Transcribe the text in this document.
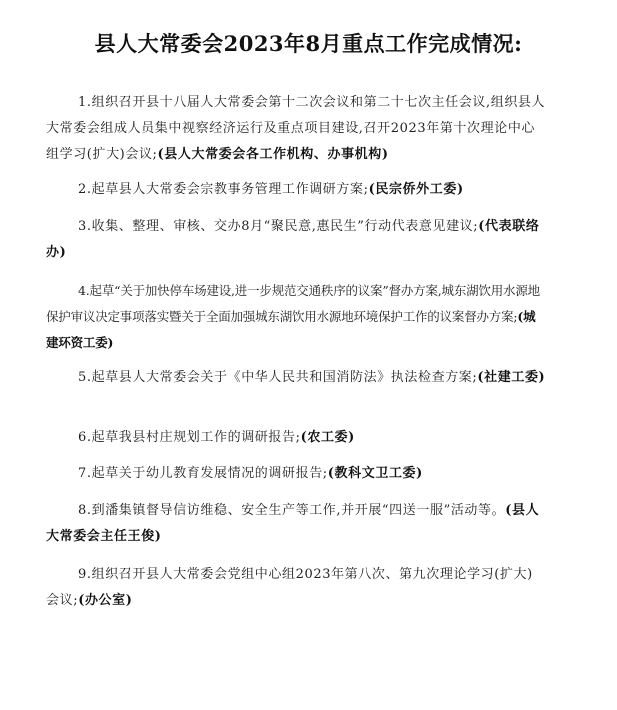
县人大常委会2023年8月重点工作完成情况:
1.组织召开县十八届人大常委会第十二次会议和第二十七次主任会议,组织县人大常委会组成人员集中视察经济运行及重点项目建设,召开2023年第十次理论中心组学习(扩大)会议;(县人大常委会各工作机构、办事机构)
2.起草县人大常委会宗教事务管理工作调研方案;(民宗侨外工委)
3.收集、整理、审核、交办8月“聚民意,惠民生”行动代表意见建议;(代表联络办)
4.起草“关于加快停车场建设,进一步规范交通秩序的议案”督办方案,城东湖饮用水源地保护审议决定事项落实暨关于全面加强城东湖饮用水源地环境保护工作的议案督办方案;(城建环资工委)
5.起草县人大常委会关于《中华人民共和国消防法》执法检查方案;(社建工委)
6.起草我县村庄规划工作的调研报告;(农工委)
7.起草关于幼儿教育发展情况的调研报告;(教科文卫工委)
8.到潘集镇督导信访维稳、安全生产等工作,并开展“四送一服”活动等。(县人大常委会主任王俊)
9.组织召开县人大常委会党组中心组2023年第八次、第九次理论学习(扩大)会议;(办公室)
